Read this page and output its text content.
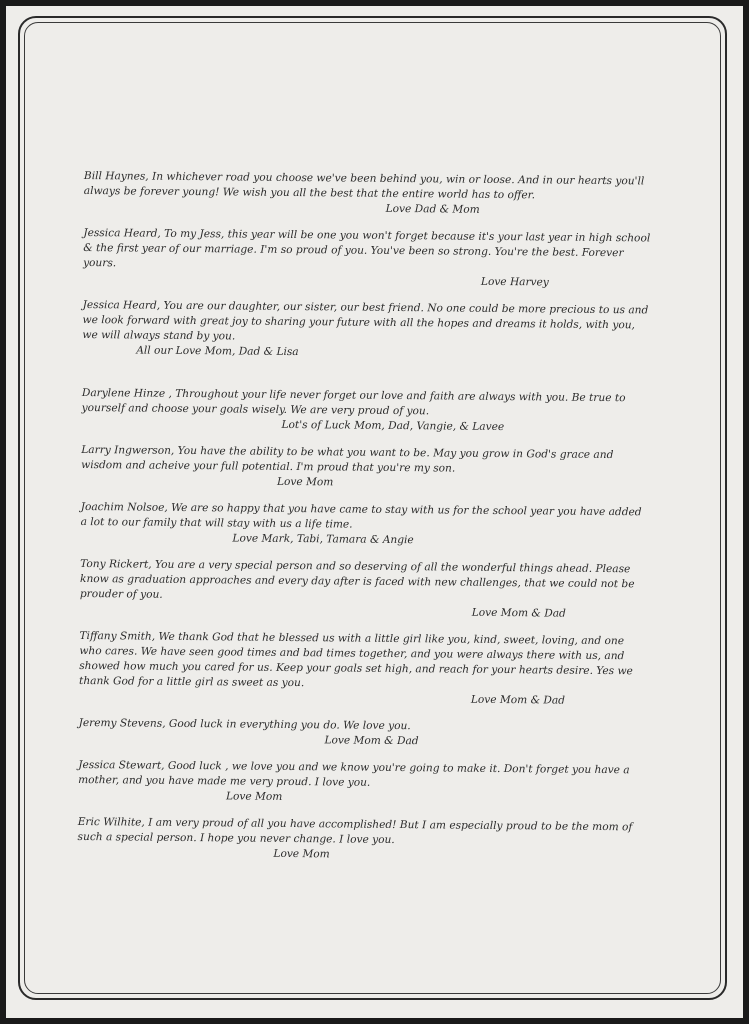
Bill Haynes, In whichever road you choose we've been behind you, win or loose. And in our hearts you'll always be forever young! We wish you all the best that the entire world has to offer.

Love Dad & Mom

Jessica Heard, To my Jess, this year will be one you won't forget because it's your last year in high school & the first year of our marriage. I'm so proud of you. You've been so strong. You're the best. Forever yours.

Love Harvey

Jessica Heard, You are our daughter, our sister, our best friend. No one could be more precious to us and we look forward with great joy to sharing your future with all the hopes and dreams it holds, with you, we will always stand by you.

All our Love Mom, Dad & Lisa

Darylene Hinze , Throughout your life never forget our love and faith are always with you. Be true to yourself and choose your goals wisely. We are very proud of you.

Lot's of Luck Mom, Dad, Vangie, & Lavee

Larry Ingwerson, You have the ability to be what you want to be. May you grow in God's grace and wisdom and acheive your full potential. I'm proud that you're my son.

Love Mom

Joachim Nolsoe, We are so happy that you have came to stay with us for the school year you have added a lot to our family that will stay with us a life time.

Love Mark, Tabi, Tamara & Angie

Tony Rickert, You are a very special person and so deserving of all the wonderful things ahead. Please know as graduation approaches and every day after is faced with new challenges, that we could not be prouder of you.

Love Mom & Dad

Tiffany Smith, We thank God that he blessed us with a little girl like you, kind, sweet, loving, and one who cares. We have seen good times and bad times together, and you were always there with us, and showed how much you cared for us. Keep your goals set high, and reach for your hearts desire. Yes we thank God for a little girl as sweet as you.

Love Mom & Dad

Jeremy Stevens, Good luck in everything you do. We love you.

Love Mom & Dad

Jessica Stewart, Good luck , we love you and we know you're going to make it. Don't forget you have a mother, and you have made me very proud. I love you.

Love Mom

Eric Wilhite, I am very proud of all you have accomplished! But I am especially proud to be the mom of such a special person. I hope you never change. I love you.

Love Mom
